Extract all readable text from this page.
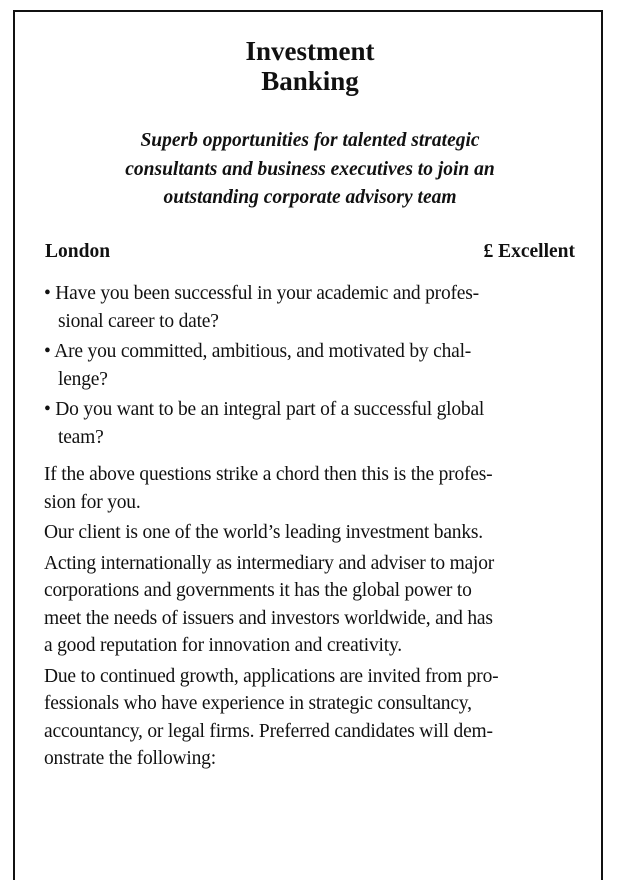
Investment
Banking
Superb opportunities for talented strategic
consultants and business executives to join an
outstanding corporate advisory team
London	£ Excellent
• Have you been successful in your academic and profes-
sional career to date?
• Are you committed, ambitious, and motivated by chal-
lenge?
• Do you want to be an integral part of a successful global
team?
If the above questions strike a chord then this is the profes-
sion for you.
Our client is one of the world’s leading investment banks.
Acting internationally as intermediary and adviser to major
corporations and governments it has the global power to
meet the needs of issuers and investors worldwide, and has
a good reputation for innovation and creativity.
Due to continued growth, applications are invited from pro-
fessionals who have experience in strategic consultancy,
accountancy, or legal firms. Preferred candidates will dem-
onstrate the following:
